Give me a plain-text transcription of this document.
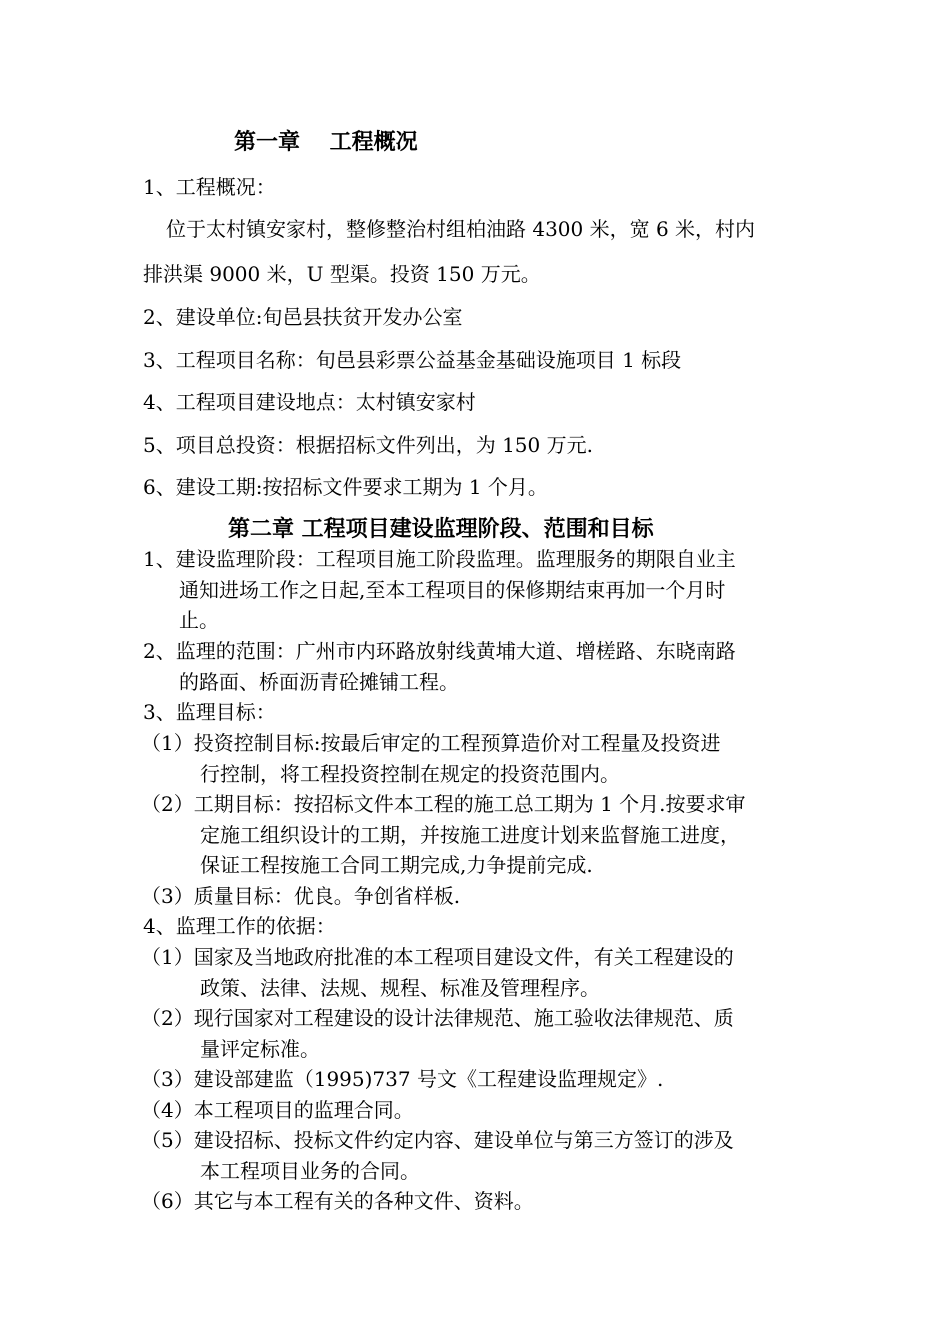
第一章　 工程概况
1、工程概况：
位于太村镇安家村，整修整治村组柏油路 4300 米，宽 6 米，村内
排洪渠 9000 米，U 型渠。投资 150 万元。
2、建设单位:旬邑县扶贫开发办公室
3、工程项目名称：旬邑县彩票公益基金基础设施项目 1 标段
4、工程项目建设地点：太村镇安家村
5、项目总投资：根据招标文件列出，为 150 万元.
6、建设工期:按招标文件要求工期为 1 个月。
第二章 工程项目建设监理阶段、范围和目标
1、建设监理阶段：工程项目施工阶段监理。监理服务的期限自业主
通知进场工作之日起,至本工程项目的保修期结束再加一个月时
止。
2、监理的范围：广州市内环路放射线黄埔大道、增槎路、东晓南路
的路面、桥面沥青砼摊铺工程。
3、监理目标：
（1）投资控制目标:按最后审定的工程预算造价对工程量及投资进
行控制，将工程投资控制在规定的投资范围内。
（2）工期目标：按招标文件本工程的施工总工期为 1 个月.按要求审
定施工组织设计的工期，并按施工进度计划来监督施工进度，
保证工程按施工合同工期完成,力争提前完成.
（3）质量目标：优良。争创省样板.
4、监理工作的依据：
（1）国家及当地政府批准的本工程项目建设文件，有关工程建设的
政策、法律、法规、规程、标准及管理程序。
（2）现行国家对工程建设的设计法律规范、施工验收法律规范、质
量评定标准。
（3）建设部建监（1995)737 号文《工程建设监理规定》.
（4）本工程项目的监理合同。
（5）建设招标、投标文件约定内容、建设单位与第三方签订的涉及
本工程项目业务的合同。
（6）其它与本工程有关的各种文件、资料。
